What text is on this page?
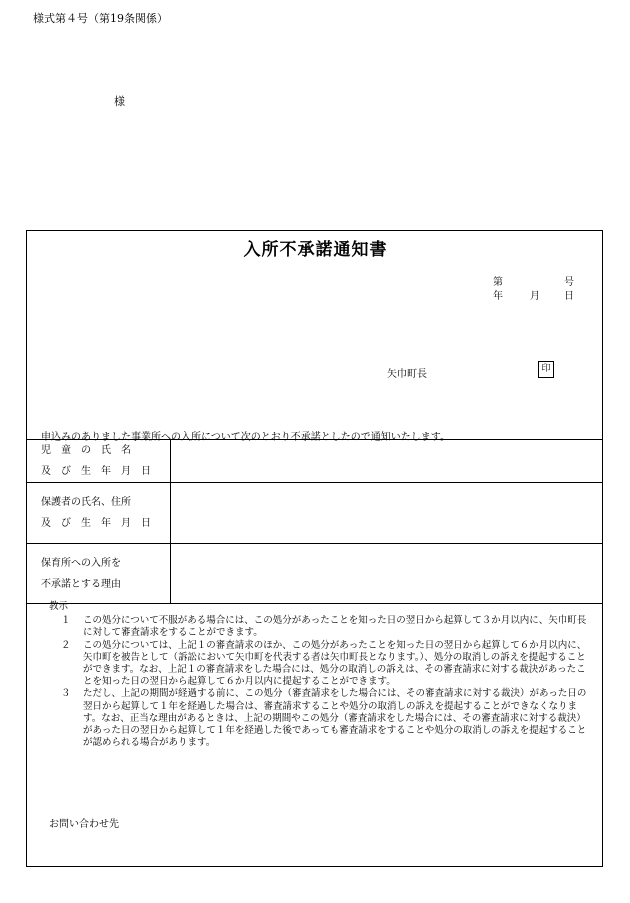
様式第４号（第19条関係）
様
入所不承諾通知書
第	号
年	月 日
矢巾町長	印
申込みのありました事業所への入所について次のとおり不承諾としたので通知いたします。
児　童　の　氏　名
及　び　生　年　月　日	

保護者の氏名、住所
及　び　生　年　月　日	

保育所への入所を
不承諾とする理由	

教示
１	この処分について不服がある場合には、この処分があったことを知った日の翌日から起算して３か月以内に、矢巾町長に対して審査請求をすることができます。
２	この処分については、上記１の審査請求のほか、この処分があったことを知った日の翌日から起算して６か月以内に、矢巾町を被告として（訴訟において矢巾町を代表する者は矢巾町長となります。）、処分の取消しの訴えを提起することができます。なお、上記１の審査請求をした場合には、処分の取消しの訴えは、その審査請求に対する裁決があったことを知った日の翌日から起算して６か月以内に提起することができます。
３	ただし、上記の期間が経過する前に、この処分（審査請求をした場合には、その審査請求に対する裁決）があった日の翌日から起算して１年を経過した場合は、審査請求することや処分の取消しの訴えを提起することができなくなります。なお、正当な理由があるときは、上記の期間やこの処分（審査請求をした場合には、その審査請求に対する裁決）があった日の翌日から起算して１年を経過した後であっても審査請求をすることや処分の取消しの訴えを提起することが認められる場合があります。
お問い合わせ先
